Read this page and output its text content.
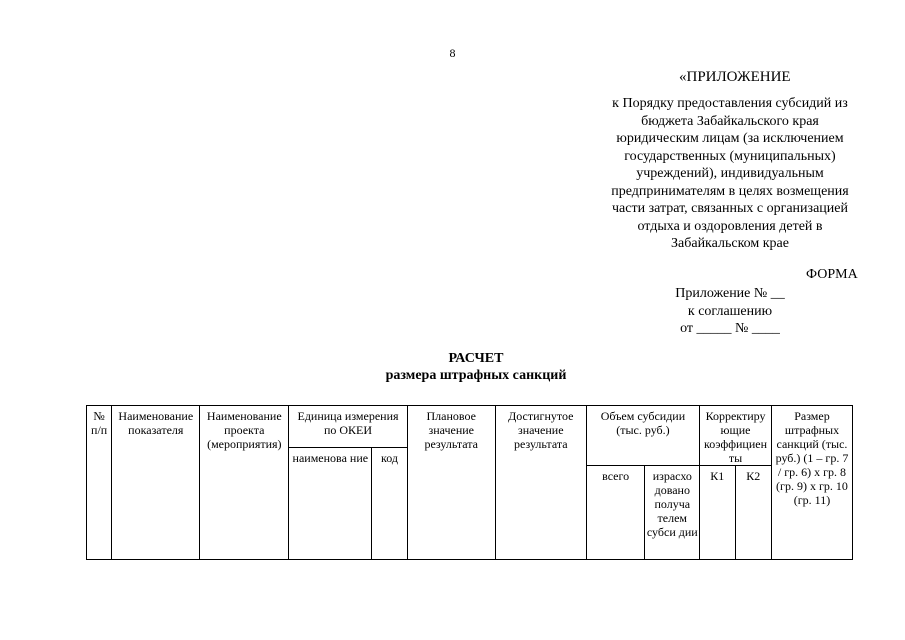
8
«ПРИЛОЖЕНИЕ
к Порядку предоставления субсидий из
бюджета Забайкальского края
юридическим лицам (за исключением
государственных (муниципальных)
учреждений), индивидуальным
предпринимателям в целях возмещения
части затрат, связанных с организацией
отдыха и оздоровления детей в
Забайкальском крае
ФОРМА
Приложение № __
к соглашению
от _____ № ____
РАСЧЕТ
размера штрафных санкций
№ п/п	Наименование показателя	Наименование проекта (мероприятия)	Единица измерения по ОКЕИ		Плановое значение результата	Достигнутое значение результата	Объем субсидии (тыс. руб.)		Корректиру ющие коэффициен ты		Размер штрафных санкций (тыс. руб.) (1 – гр. 7 / гр. 6) x гр. 8 (гр. 9) x гр. 10 (гр. 11)
			наименова ние	код							
							всего	израсхо довано получа телем субси дии	К1	К2	
